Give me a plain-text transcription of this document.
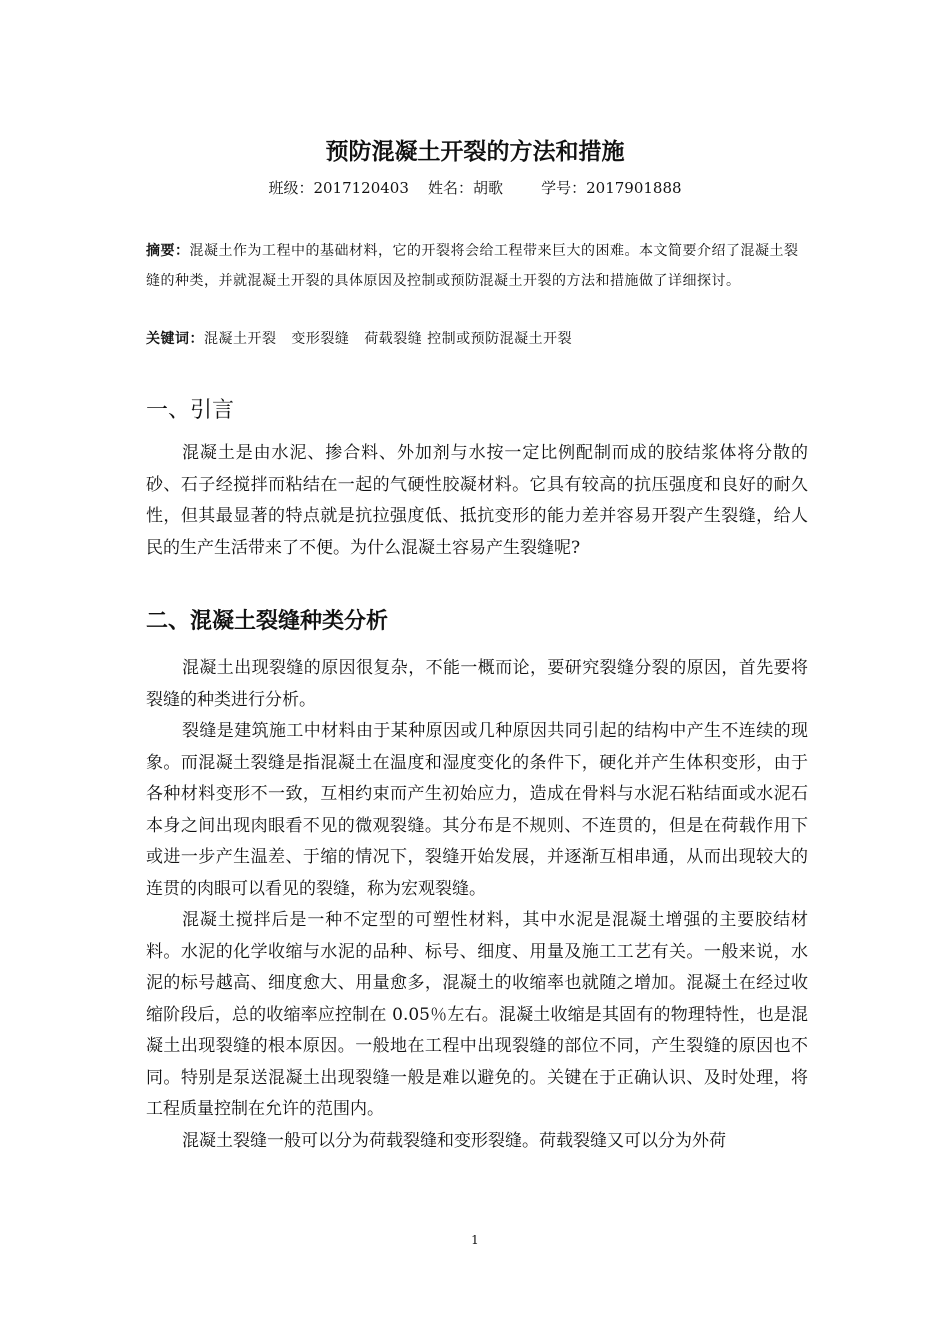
预防混凝土开裂的方法和措施
班级：2017120403    姓名：胡歌        学号：2017901888
摘要：混凝土作为工程中的基础材料，它的开裂将会给工程带来巨大的困难。本文简要介绍了混凝土裂缝的种类，并就混凝土开裂的具体原因及控制或预防混凝土开裂的方法和措施做了详细探讨。
关键词：混凝土开裂   变形裂缝   荷载裂缝 控制或预防混凝土开裂
一、引言

混凝土是由水泥、掺合料、外加剂与水按一定比例配制而成的胶结浆体将分散的砂、石子经搅拌而粘结在一起的气硬性胶凝材料。它具有较高的抗压强度和良好的耐久性，但其最显著的特点就是抗拉强度低、抵抗变形的能力差并容易开裂产生裂缝，给人民的生产生活带来了不便。为什么混凝土容易产生裂缝呢?

二、混凝土裂缝种类分析

混凝土出现裂缝的原因很复杂，不能一概而论，要研究裂缝分裂的原因，首先要将裂缝的种类进行分析。

裂缝是建筑施工中材料由于某种原因或几种原因共同引起的结构中产生不连续的现象。而混凝土裂缝是指混凝土在温度和湿度变化的条件下，硬化并产生体积变形，由于各种材料变形不一致，互相约束而产生初始应力，造成在骨料与水泥石粘结面或水泥石本身之间出现肉眼看不见的微观裂缝。其分布是不规则、不连贯的，但是在荷载作用下或进一步产生温差、于缩的情况下，裂缝开始发展，并逐渐互相串通，从而出现较大的连贯的肉眼可以看见的裂缝，称为宏观裂缝。

混凝土搅拌后是一种不定型的可塑性材料，其中水泥是混凝土增强的主要胶结材料。水泥的化学收缩与水泥的品种、标号、细度、用量及施工工艺有关。一般来说，水泥的标号越高、细度愈大、用量愈多，混凝土的收缩率也就随之增加。混凝土在经过收缩阶段后，总的收缩率应控制在 0.05％左右。混凝土收缩是其固有的物理特性，也是混凝土出现裂缝的根本原因。一般地在工程中出现裂缝的部位不同，产生裂缝的原因也不同。特别是泵送混凝土出现裂缝一般是难以避免的。关键在于正确认识、及时处理，将工程质量控制在允许的范围内。

混凝土裂缝一般可以分为荷载裂缝和变形裂缝。荷载裂缝又可以分为外荷

1
